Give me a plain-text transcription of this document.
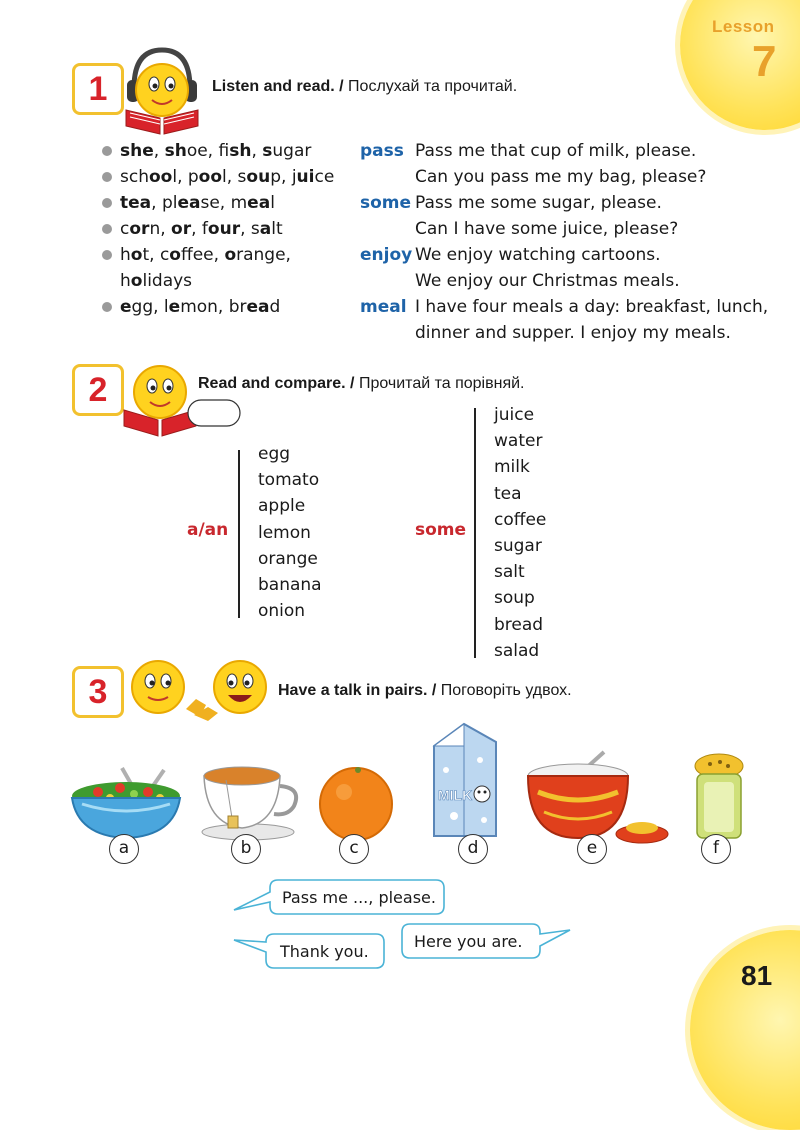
Lesson
7
1	Listen and read. / Послухай та прочитай.
she, shoe, fish, sugar
school, pool, soup, juice
tea, please, meal
corn, or, four, salt
hot, coffee, orange,
holidays
egg, lemon, bread
pass Pass me that cup of milk, please.
Can you pass me my bag, please?
some Pass me some sugar, please.
Can I have some juice, please?
enjoy We enjoy watching cartoons.
We enjoy our Christmas meals.
meal I have four meals a day: breakfast, lunch,
dinner and supper. I enjoy my meals.
2	Read and compare. / Прочитай та порівняй.
a/an
egg
tomato
apple
lemon
orange
banana
onion
some
juice
water
milk
tea
coffee
sugar
salt
soup
bread
salad
3	Have a talk in pairs. / Поговоріть удвох.
MILK
a	b	c	d	e	f
Pass me ..., please.
Thank you.
Here you are.
81
